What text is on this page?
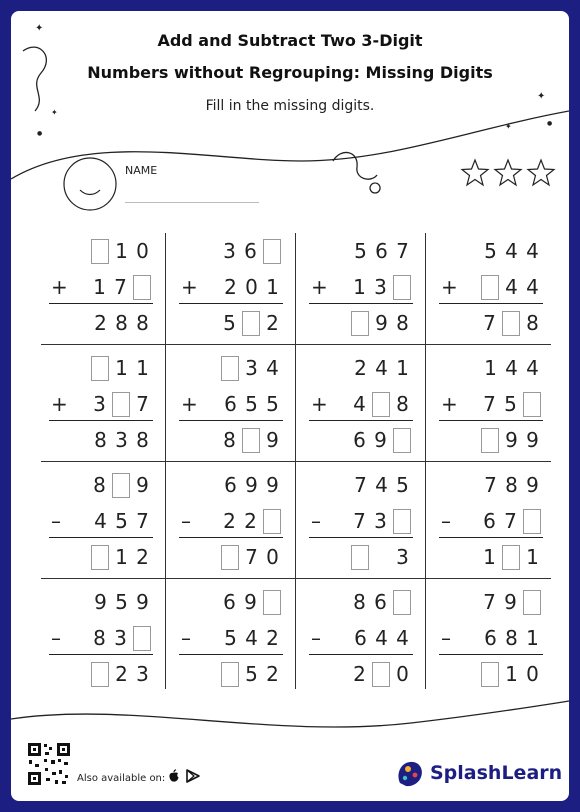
✦
✦
●
✦
✦	●
Add and Subtract Two 3-Digit
Numbers without Regrouping: Missing Digits
Fill in the missing digits.
NAME
1 0
1 7
2 8 8
+
3 6
2 0 1
5 2
+
5 6 7
1 3
9 8
+
5 4 4
4 4
7 8
+
1 1
3 7
8 3 8
+
3 4
6 5 5
8 9
+
2 4 1
4 8
6 9
+
1 4 4
7 5
9 9
+
8 9
4 5 7
1 2
–
6 9 9
2 2
7 0
–
7 4 5
7 3
3
–
7 8 9
6 7
1 1
–
9 5 9
8 3
2 3
–
6 9
5 4 2
5 2
–
8 6
6 4 4
2 0
–
7 9
6 8 1
1 0
–
Also available on:	SplashLearn
